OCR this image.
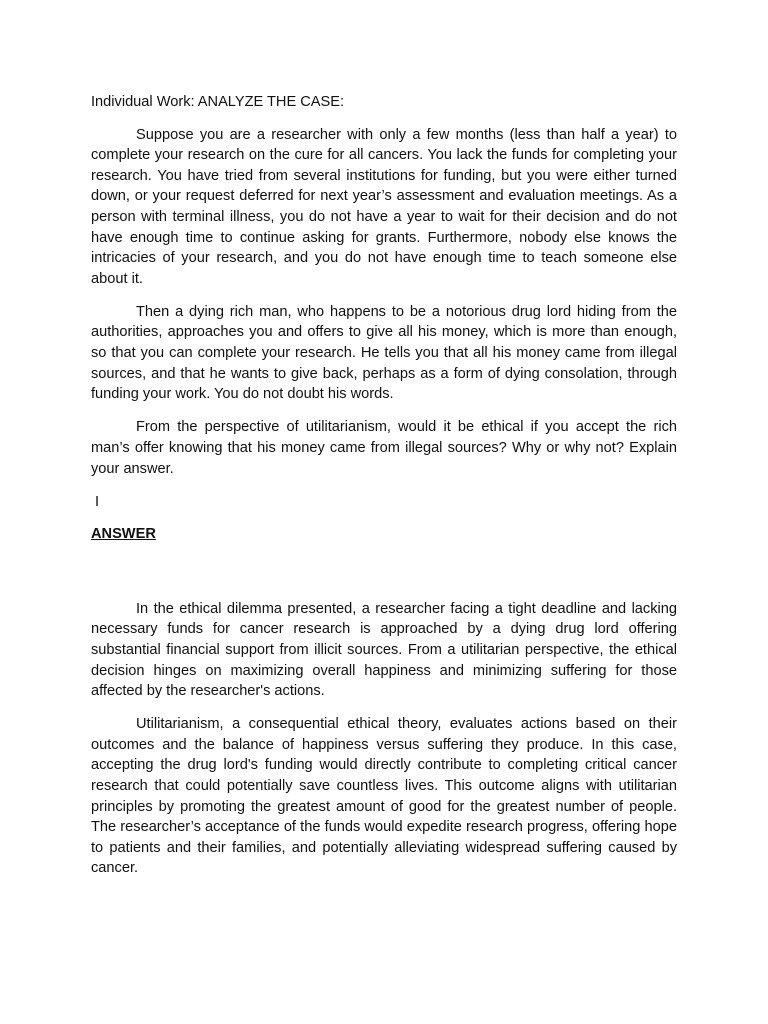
Individual Work: ANALYZE THE CASE:

Suppose you are a researcher with only a few months (less than half a year) to complete your research on the cure for all cancers. You lack the funds for completing your research. You have tried from several institutions for funding, but you were either turned down, or your request deferred for next year’s assessment and evaluation meetings. As a person with terminal illness, you do not have a year to wait for their decision and do not have enough time to continue asking for grants. Furthermore, nobody else knows the intricacies of your research, and you do not have enough time to teach someone else about it.

Then a dying rich man, who happens to be a notorious drug lord hiding from the authorities, approaches you and offers to give all his money, which is more than enough, so that you can complete your research. He tells you that all his money came from illegal sources, and that he wants to give back, perhaps as a form of dying consolation, through funding your work. You do not doubt his words.

From the perspective of utilitarianism, would it be ethical if you accept the rich man’s offer knowing that his money came from illegal sources? Why or why not? Explain your answer.

I
ANSWER

In the ethical dilemma presented, a researcher facing a tight deadline and lacking necessary funds for cancer research is approached by a dying drug lord offering substantial financial support from illicit sources. From a utilitarian perspective, the ethical decision hinges on maximizing overall happiness and minimizing suffering for those affected by the researcher's actions.

Utilitarianism, a consequential ethical theory, evaluates actions based on their outcomes and the balance of happiness versus suffering they produce. In this case, accepting the drug lord's funding would directly contribute to completing critical cancer research that could potentially save countless lives. This outcome aligns with utilitarian principles by promoting the greatest amount of good for the greatest number of people. The researcher’s acceptance of the funds would expedite research progress, offering hope to patients and their families, and potentially alleviating widespread suffering caused by cancer.
